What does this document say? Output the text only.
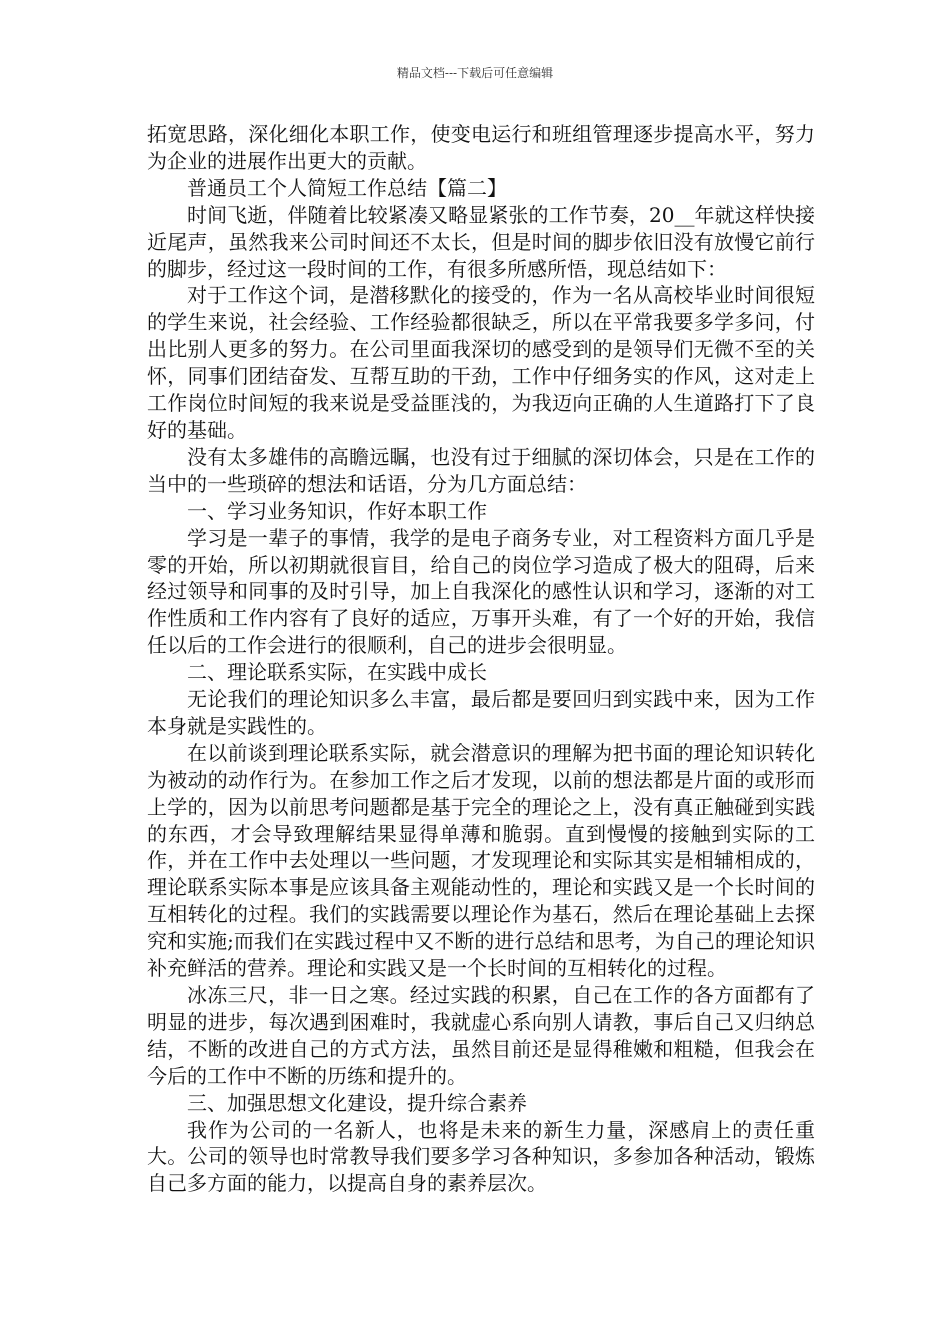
精品文档---下载后可任意编辑

拓宽思路，深化细化本职工作，使变电运行和班组管理逐步提高水平，努力为企业的进展作出更大的贡献。

普通员工个人简短工作总结【篇二】

时间飞逝，伴随着比较紧凑又略显紧张的工作节奏，20__年就这样快接近尾声，虽然我来公司时间还不太长，但是时间的脚步依旧没有放慢它前行的脚步，经过这一段时间的工作，有很多所感所悟，现总结如下：

对于工作这个词，是潜移默化的接受的，作为一名从高校毕业时间很短的学生来说，社会经验、工作经验都很缺乏，所以在平常我要多学多问，付出比别人更多的努力。在公司里面我深切的感受到的是领导们无微不至的关怀，同事们团结奋发、互帮互助的干劲，工作中仔细务实的作风，这对走上工作岗位时间短的我来说是受益匪浅的，为我迈向正确的人生道路打下了良好的基础。

没有太多雄伟的高瞻远瞩，也没有过于细腻的深切体会，只是在工作的当中的一些琐碎的想法和话语，分为几方面总结：

一、学习业务知识，作好本职工作

学习是一辈子的事情，我学的是电子商务专业，对工程资料方面几乎是零的开始，所以初期就很盲目，给自己的岗位学习造成了极大的阻碍，后来经过领导和同事的及时引导，加上自我深化的感性认识和学习，逐渐的对工作性质和工作内容有了良好的适应，万事开头难，有了一个好的开始，我信任以后的工作会进行的很顺利，自己的进步会很明显。

二、理论联系实际，在实践中成长

无论我们的理论知识多么丰富，最后都是要回归到实践中来，因为工作本身就是实践性的。

在以前谈到理论联系实际，就会潜意识的理解为把书面的理论知识转化为被动的动作行为。在参加工作之后才发现，以前的想法都是片面的或形而上学的，因为以前思考问题都是基于完全的理论之上，没有真正触碰到实践的东西，才会导致理解结果显得单薄和脆弱。直到慢慢的接触到实际的工作，并在工作中去处理以一些问题，才发现理论和实际其实是相辅相成的，理论联系实际本事是应该具备主观能动性的，理论和实践又是一个长时间的互相转化的过程。我们的实践需要以理论作为基石，然后在理论基础上去探究和实施;而我们在实践过程中又不断的进行总结和思考，为自己的理论知识补充鲜活的营养。理论和实践又是一个长时间的互相转化的过程。

冰冻三尺，非一日之寒。经过实践的积累，自己在工作的各方面都有了明显的进步，每次遇到困难时，我就虚心系向别人请教，事后自己又归纳总结，不断的改进自己的方式方法，虽然目前还是显得稚嫩和粗糙，但我会在今后的工作中不断的历练和提升的。

三、加强思想文化建设，提升综合素养

我作为公司的一名新人，也将是未来的新生力量，深感肩上的责任重大。公司的领导也时常教导我们要多学习各种知识，多参加各种活动，锻炼自己多方面的能力，以提高自身的素养层次。
